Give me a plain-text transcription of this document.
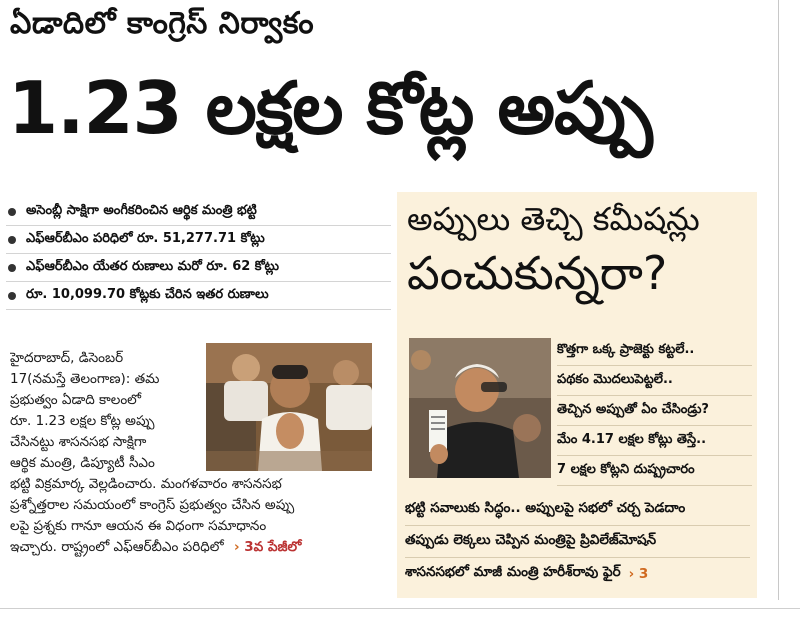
ఏడాదిలో కాంగ్రెస్ నిర్వాకం
1.23 లక్షల కోట్ల అప్పు
అసెంబ్లీ సాక్షిగా అంగీకరించిన ఆర్థిక మంత్రి భట్టి
ఎఫ్ఆర్‌బీఎం పరిధిలో రూ. 51,277.71 కోట్లు
ఎఫ్ఆర్‌బీఎం యేతర రుణాలు మరో రూ. 62 కోట్లు
రూ. 10,099.70 కోట్లకు చేరిన ఇతర రుణాలు
హైదరాబాద్, డిసెంబర్
17(నమస్తే తెలంగాణ): తమ
ప్రభుత్వం ఏడాది కాలంలో
రూ. 1.23 లక్షల కోట్ల అప్పు
చేసినట్టు శాసనసభ సాక్షిగా
ఆర్థిక మంత్రి, డిప్యూటీ సీఎం
భట్టి విక్రమార్క వెల్లడించారు. మంగళవారం శాసనసభ
ప్రశ్నోత్తరాల సమయంలో కాంగ్రెస్ ప్రభుత్వం చేసిన అప్పు
లపై ప్రశ్నకు గానూ ఆయన ఈ విధంగా సమాధానం
ఇచ్చారు. రాష్ట్రంలో ఎఫ్ఆర్‌బీఎం పరిధిలో › 3వ పేజీలో
అప్పులు తెచ్చి కమీషన్లు
పంచుకున్నరా?
కొత్తగా ఒక్క ప్రాజెక్టు కట్టలే..
పథకం మొదలుపెట్టలే..
తెచ్చిన అప్పుతో ఏం చేసిండ్రు?
మేం 4.17 లక్షల కోట్లు తెస్తే..
7 లక్షల కోట్లని దుష్ప్రచారం
భట్టి సవాలుకు సిద్ధం.. అప్పులపై సభలో చర్చ పెడదాం
తప్పుడు లెక్కలు చెప్పిన మంత్రిపై ప్రివిలేజ్‌మోషన్
శాసనసభలో మాజీ మంత్రి హరీశ్‌రావు ఫైర్ › 3
